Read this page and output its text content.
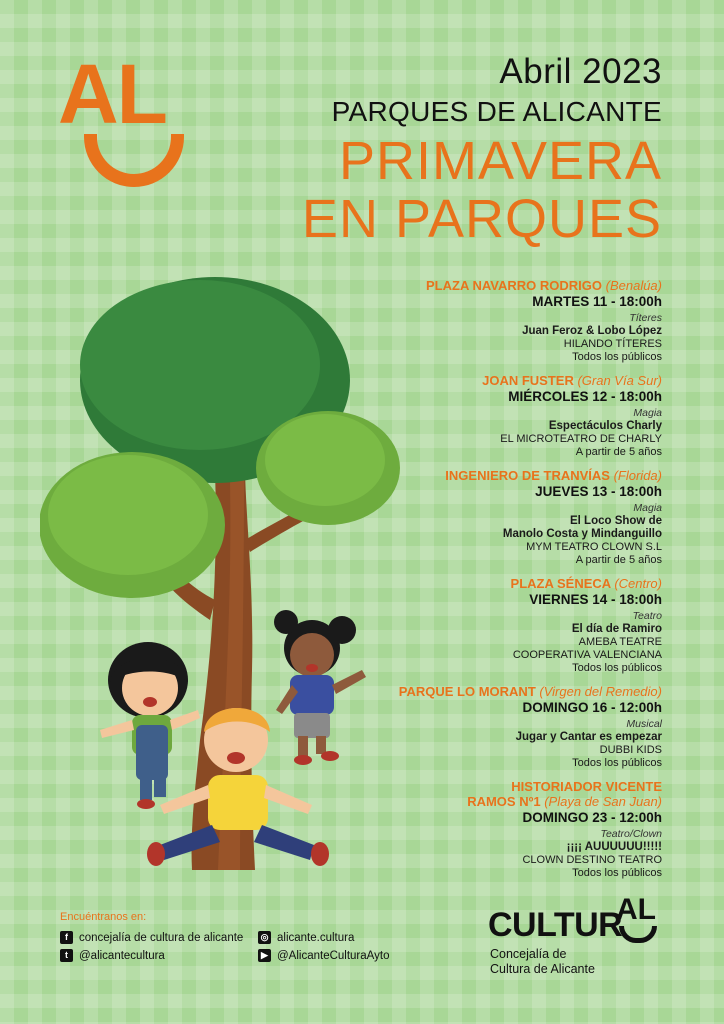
AL	Abril 2023
PARQUES DE ALICANTE
PRIMAVERA
EN PARQUES
PLAZA NAVARRO RODRIGO (Benalúa)
MARTES 11 - 18:00h
Títeres
Juan Feroz & Lobo López
HILANDO TÍTERES
Todos los públicos
JOAN FUSTER (Gran Vía Sur)
MIÉRCOLES 12 - 18:00h
Magia
Espectáculos Charly
EL MICROTEATRO DE CHARLY
A partir de 5 años
INGENIERO DE TRANVÍAS (Florida)
JUEVES 13 - 18:00h
Magia
El Loco Show de
Manolo Costa y Mindanguillo
MYM TEATRO CLOWN S.L
A partir de 5 años
PLAZA SÉNECA (Centro)
VIERNES 14 - 18:00h
Teatro
El día de Ramiro
AMEBA TEATRE
COOPERATIVA VALENCIANA
Todos los públicos
PARQUE LO MORANT (Virgen del Remedio)
DOMINGO 16 - 12:00h
Musical
Jugar y Cantar es empezar
DUBBI KIDS
Todos los públicos
HISTORIADOR VICENTE
RAMOS Nº1 (Playa de San Juan)
DOMINGO 23 - 12:00h
Teatro/Clown
¡¡¡¡ AUUUUUU!!!!!
CLOWN DESTINO TEATRO
Todos los públicos
Encuéntranos en:
f concejalía de cultura de alicante
t @alicantecultura
◎ alicante.cultura
▶ @AlicanteCulturaAyto
CULTUR
AL
Concejalía de
Cultura de Alicante
